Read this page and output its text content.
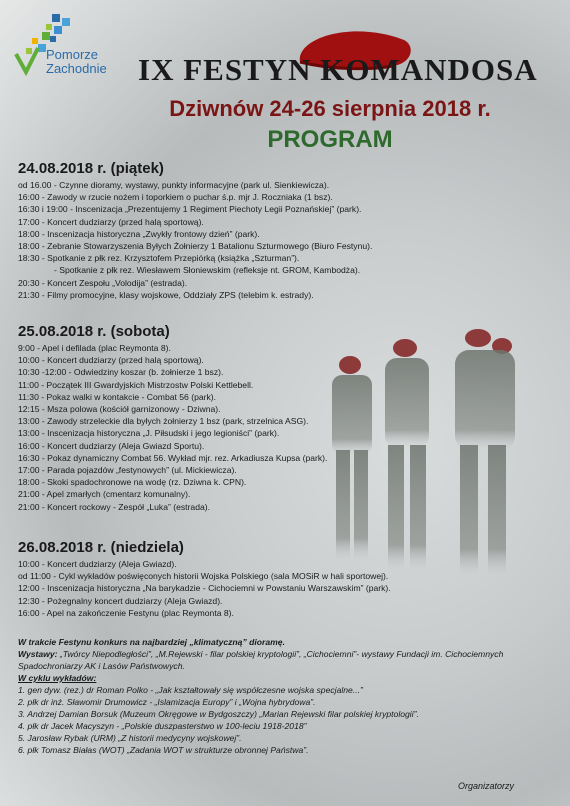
Pomorze
Zachodnie IX FESTYN KOMANDOSA
Dziwnów 24-26 sierpnia 2018 r.
PROGRAM
24.08.2018 r. (piątek)
od 16.00 - Czynne dioramy, wystawy, punkty informacyjne (park ul. Sienkiewicza).
16:00 - Zawody w rzucie nożem i toporkiem o puchar ś.p. mjr J. Roczniaka (1 bsz).
16:30 i 19:00 - Inscenizacja „Prezentujemy 1 Regiment Piechoty Legii Poznańskiej” (park).
17:00 - Koncert dudziarzy (przed halą sportową).
18:00 - Inscenizacja historyczna „Zwykły frontowy dzień” (park).
18:00 - Zebranie Stowarzyszenia Byłych Żołnierzy 1 Batalionu Szturmowego (Biuro Festynu).
18:30 - Spotkanie z płk rez. Krzysztofem Przepiórką (książka „Szturman”).
- Spotkanie z płk rez. Wiesławem Słoniewskim (refleksje nt. GROM, Kambodża).
20:30 - Koncert Zespołu „Volodija” (estrada).
21:30 - Filmy promocyjne, klasy wojskowe, Oddziały ZPS (telebim k. estrady).
25.08.2018 r. (sobota)
9:00 - Apel i defilada (plac Reymonta 8).
10:00 - Koncert dudziarzy (przed halą sportową).
10:30 -12:00 - Odwiedziny koszar (b. żołnierze 1 bsz).
11:00 - Początek III Gwardyjskich Mistrzostw Polski Kettlebell.
11:30 - Pokaz walki w kontakcie - Combat 56 (park).
12:15 - Msza polowa (kościół garnizonowy - Dziwna).
13:00 - Zawody strzeleckie dla byłych żołnierzy 1 bsz (park, strzelnica ASG).
13:00 - Inscenizacja historyczna „J. Piłsudski i jego legioniści” (park).
16:00 - Koncert dudziarzy (Aleja Gwiazd Sportu).
16:30 - Pokaz dynamiczny Combat 56. Wykład mjr. rez. Arkadiusza Kupsa (park).
17:00 - Parada pojazdów „festynowych” (ul. Mickiewicza).
18:00 - Skoki spadochronowe na wodę (rz. Dziwna k. CPN).
21:00 - Apel zmarłych (cmentarz komunalny).
21:00 - Koncert rockowy - Zespół „Luka” (estrada).
26.08.2018 r. (niedziela)
10:00 - Koncert dudziarzy (Aleja Gwiazd).
od 11:00 - Cykl wykładów poświęconych historii Wojska Polskiego (sala MOSiR w hali sportowej).
12:00 - Inscenizacja historyczna „Na barykadzie - Cichociemni w Powstaniu Warszawskim” (park).
12:30 - Pożegnalny koncert dudziarzy (Aleja Gwiazd).
16:00 - Apel na zakończenie Festynu (plac Reymonta 8).
W trakcie Festynu konkurs na najbardziej „klimatyczną” dioramę.
Wystawy: „Twórcy Niepodległości”, „M.Rejewski - filar polskiej kryptologii”, „Cichociemni”- wystawy Fundacji im. Cichociemnych Spadochroniarzy AK i Lasów Państwowych.
W cyklu wykładów:
1. gen dyw. (rez.) dr Roman Polko - „Jak kształtowały się współczesne wojska specjalne...”
2. płk dr inż. Sławomir Drumowicz - „Islamizacja Europy” i „Wojna hybrydowa”.
3. Andrzej Damian Borsuk (Muzeum Okręgowe w Bydgoszczy) „Marian Rejewski filar polskiej kryptologii”.
4. płk dr Jacek Macyszyn - „Polskie duszpasterstwo w 100-leciu 1918-2018”
5. Jarosław Rybak (URM) „Z historii medycyny wojskowej”.
6. płk Tomasz Białas (WOT) „Zadania WOT w strukturze obronnej Państwa”.
Organizatorzy
